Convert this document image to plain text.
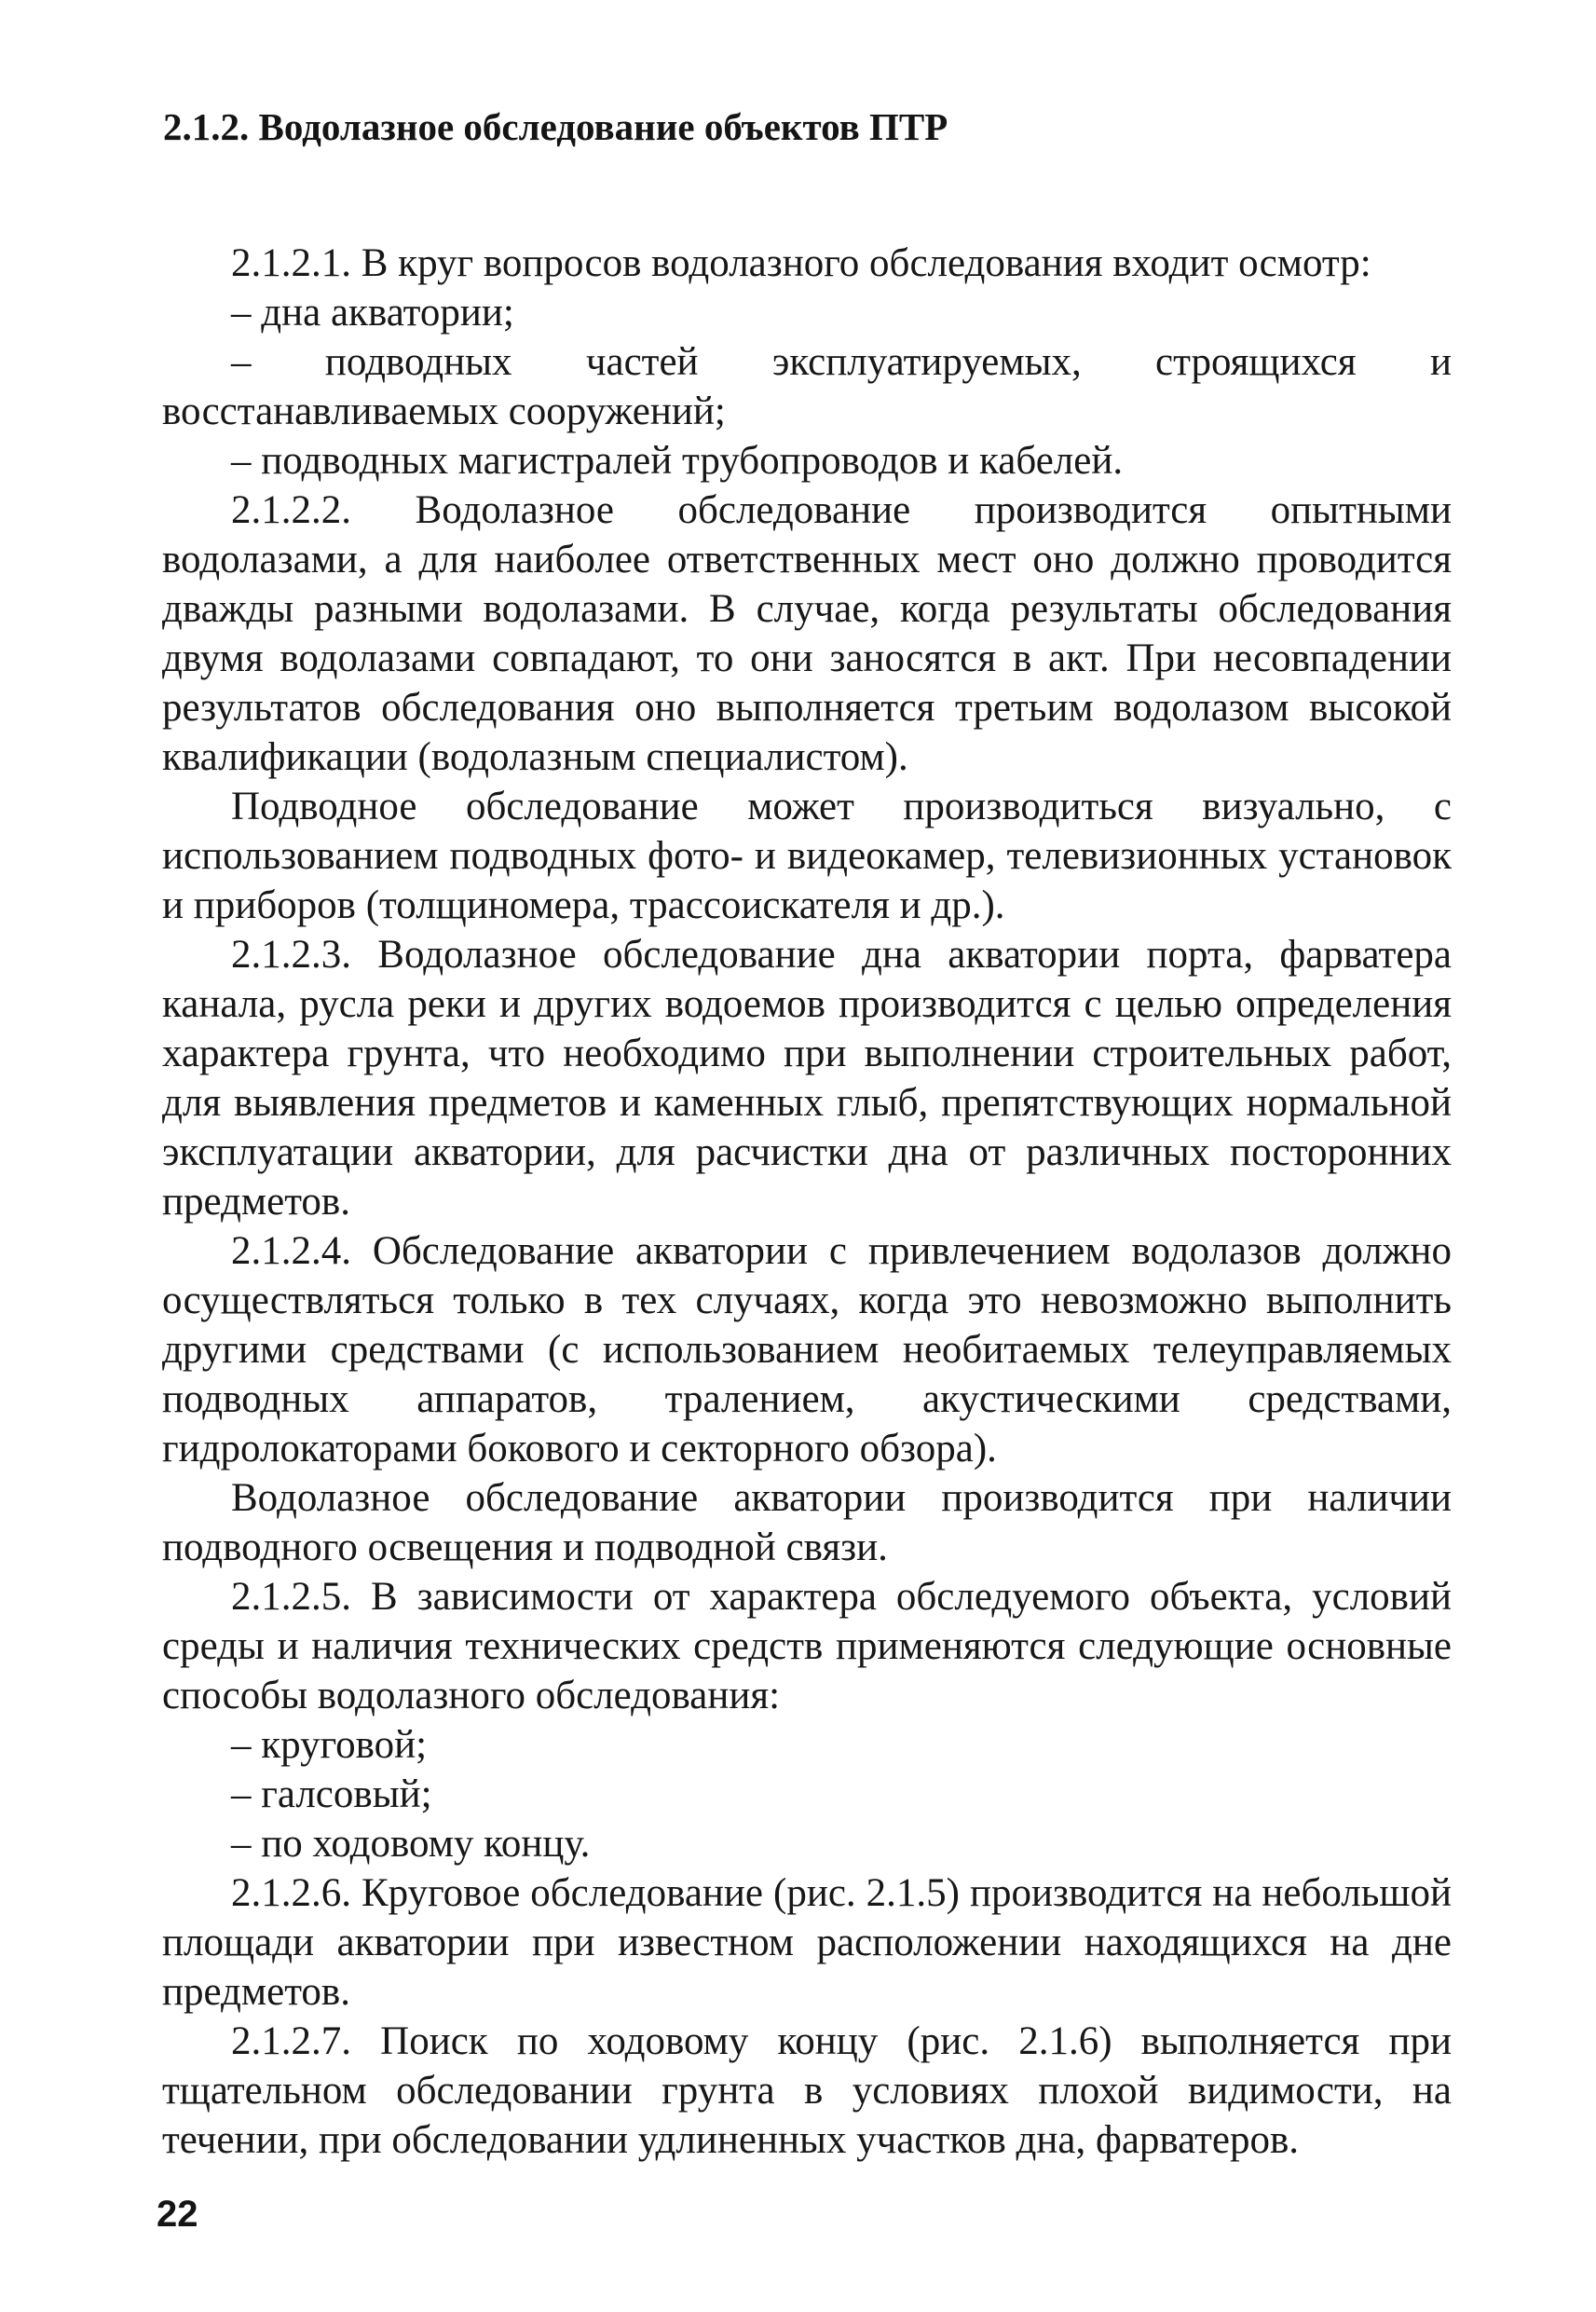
2.1.2. Водолазное обследование объектов ПТР

2.1.2.1. В круг вопросов водолазного обследования входит осмотр:

– дна акватории;

– подводных частей эксплуатируемых, строящихся и восстанавливаемых сооружений;

– подводных магистралей трубопроводов и кабелей.

2.1.2.2. Водолазное обследование производится опытными водолазами, а для наиболее ответственных мест оно должно проводится дважды разными водолазами. В случае, когда результаты обследования двумя водолазами совпадают, то они заносятся в акт. При несовпадении результатов обследования оно выполняется третьим водолазом высокой квалификации (водолазным специалистом).

Подводное обследование может производиться визуально, с использованием подводных фото- и видеокамер, телевизионных установок и приборов (толщиномера, трассоискателя и др.).

2.1.2.3. Водолазное обследование дна акватории порта, фарватера канала, русла реки и других водоемов производится с целью определения характера грунта, что необходимо при выполнении строительных работ, для выявления предметов и каменных глыб, препятствующих нормальной эксплуатации акватории, для расчистки дна от различных посторонних предметов.

2.1.2.4. Обследование акватории с привлечением водолазов должно осуществляться только в тех случаях, когда это невозможно выполнить другими средствами (с использованием необитаемых телеуправляемых подводных аппаратов, тралением, акустическими средствами, гидролокаторами бокового и секторного обзора).

Водолазное обследование акватории производится при наличии подводного освещения и подводной связи.

2.1.2.5. В зависимости от характера обследуемого объекта, условий среды и наличия технических средств применяются следующие основные способы водолазного обследования:

– круговой;

– галсовый;

– по ходовому концу.

2.1.2.6. Круговое обследование (рис. 2.1.5) производится на небольшой площади акватории при известном расположении находящихся на дне предметов.

2.1.2.7. Поиск по ходовому концу (рис. 2.1.6) выполняется при тщательном обследовании грунта в условиях плохой видимости, на течении, при обследовании удлиненных участков дна, фарватеров.

22
